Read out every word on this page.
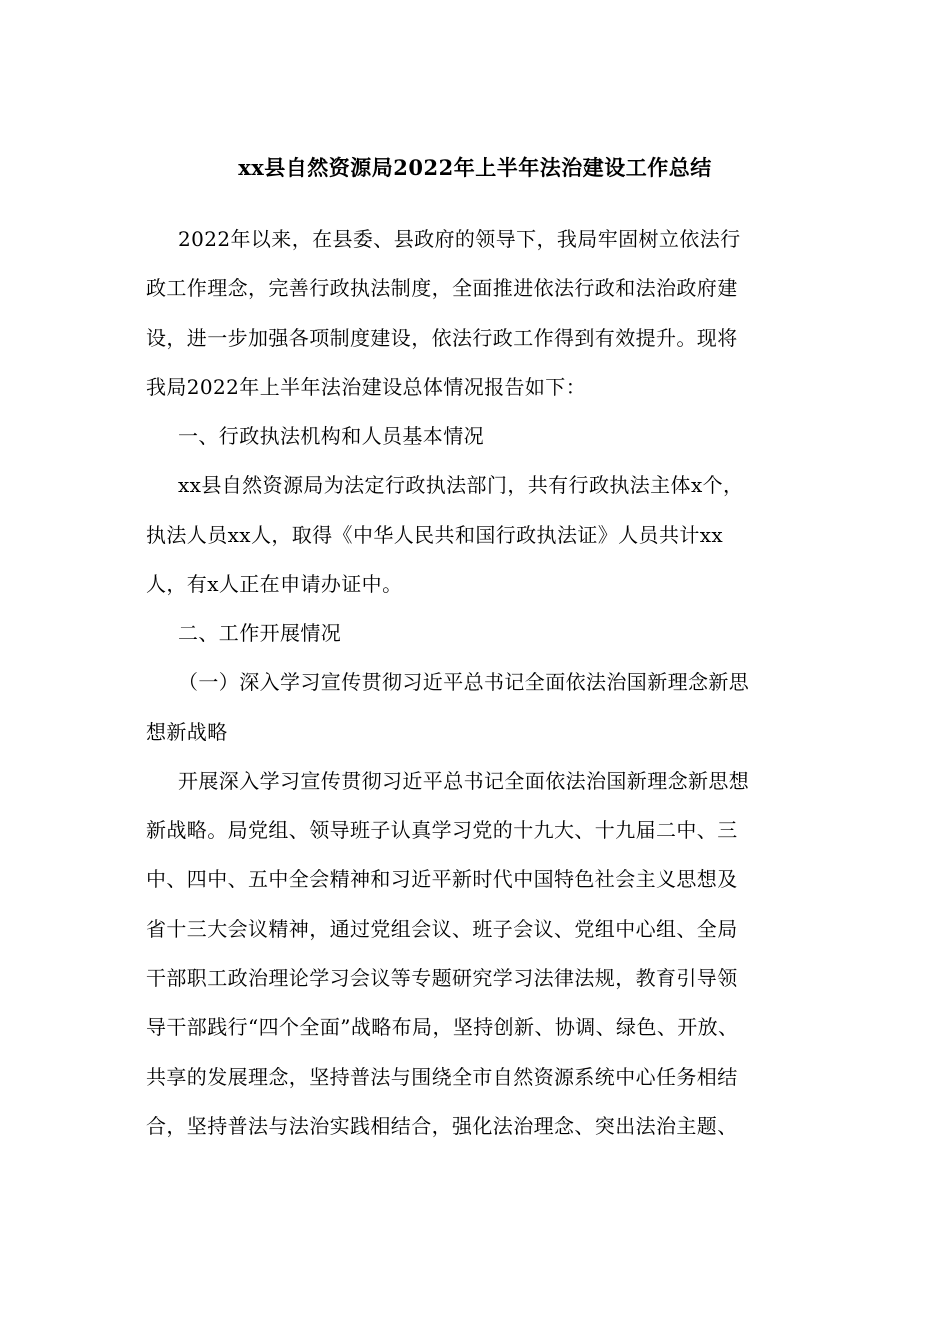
xx县自然资源局2022年上半年法治建设工作总结

2022年以来，在县委、县政府的领导下，我局牢固树立依法行

政工作理念，完善行政执法制度，全面推进依法行政和法治政府建

设，进一步加强各项制度建设，依法行政工作得到有效提升。现将

我局2022年上半年法治建设总体情况报告如下：

一、行政执法机构和人员基本情况

xx县自然资源局为法定行政执法部门，共有行政执法主体x个，

执法人员xx人，取得《中华人民共和国行政执法证》人员共计xx

人，有x人正在申请办证中。

二、工作开展情况

（一）深入学习宣传贯彻习近平总书记全面依法治国新理念新思

想新战略

开展深入学习宣传贯彻习近平总书记全面依法治国新理念新思想

新战略。局党组、领导班子认真学习党的十九大、十九届二中、三

中、四中、五中全会精神和习近平新时代中国特色社会主义思想及

省十三大会议精神，通过党组会议、班子会议、党组中心组、全局

干部职工政治理论学习会议等专题研究学习法律法规，教育引导领

导干部践行“四个全面”战略布局，坚持创新、协调、绿色、开放、

共享的发展理念，坚持普法与围绕全市自然资源系统中心任务相结

合，坚持普法与法治实践相结合，强化法治理念、突出法治主题、
